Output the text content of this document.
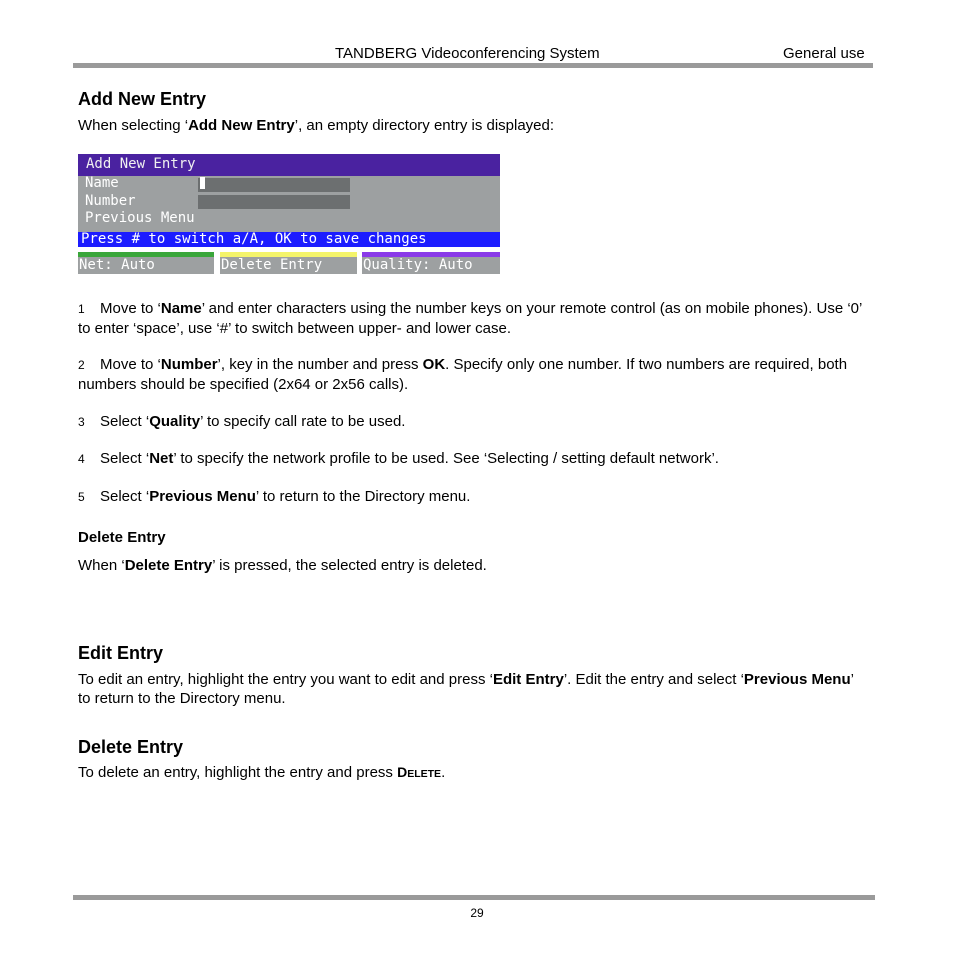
TANDBERG Videoconferencing System	General use
Add New Entry

When selecting ‘Add New Entry’, an empty directory entry is displayed:

Add New Entry
Name
Number
Previous Menu
Press # to switch a/A, OK to save changes
Net: Auto	Delete Entry	Quality: Auto

1 Move to ‘Name’ and enter characters using the number keys on your remote control (as on mobile phones). Use ‘0’ to enter ‘space’, use ‘#’ to switch between upper- and lower case.

2 Move to ‘Number’, key in the number and press OK. Specify only one number. If two numbers are required, both numbers should be specified (2x64 or 2x56 calls).

3 Select ‘Quality’ to specify call rate to be used.

4 Select ‘Net’ to specify the network profile to be used. See ‘Selecting / setting default network’.

5 Select ‘Previous Menu’ to return to the Directory menu.

Delete Entry

When ‘Delete Entry’ is pressed, the selected entry is deleted.

Edit Entry

To edit an entry, highlight the entry you want to edit and press ‘Edit Entry’. Edit the entry and select ‘Previous Menu’ to return to the Directory menu.

Delete Entry

To delete an entry, highlight the entry and press DELETE.

29
